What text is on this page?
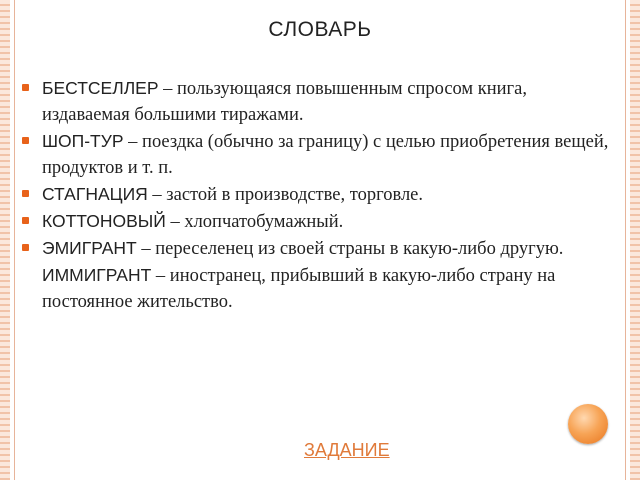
СЛОВАРЬ
БЕСТСЕЛЛЕР – пользующаяся повышенным спросом книга, издаваемая большими тиражами.
ШОП-ТУР – поездка (обычно за границу) с целью приобретения вещей, продуктов и т. п.
СТАГНАЦИЯ – застой в производстве, торговле.
КОТТОНОВЫЙ – хлопчатобумажный.
ЭМИГРАНТ – переселенец из своей страны в какую-либо другую. ИММИГРАНТ – иностранец, прибывший в какую-либо страну на постоянное жительство.
ЗАДАНИЕ
